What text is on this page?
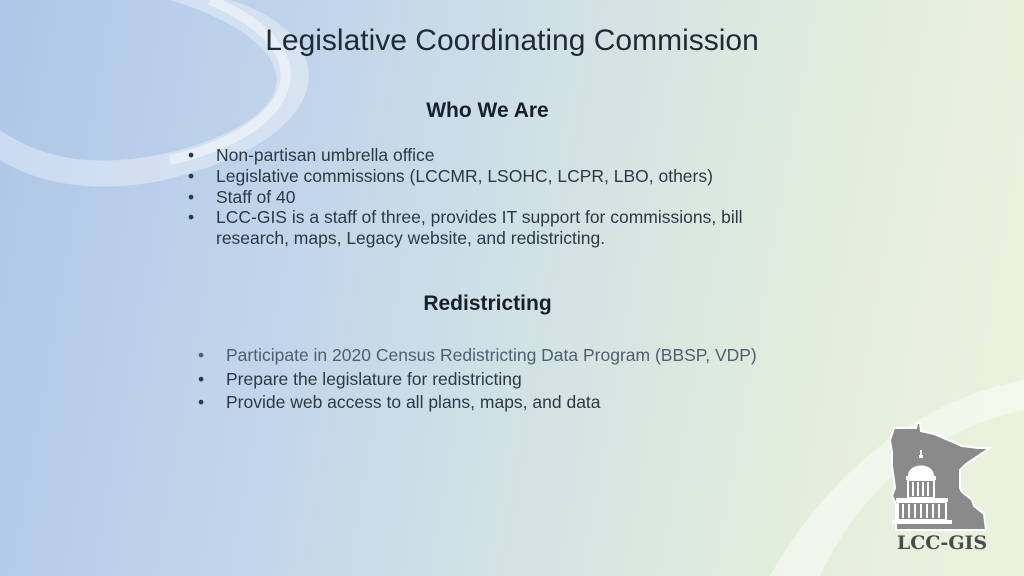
Legislative Coordinating Commission
Who We Are
• Non-partisan umbrella office
• Legislative commissions (LCCMR, LSOHC, LCPR, LBO, others)
• Staff of 40
• LCC-GIS is a staff of three, provides IT support for commissions, bill research, maps, Legacy website, and redistricting.
Redistricting
• Participate in 2020 Census Redistricting Data Program (BBSP, VDP)
• Prepare the legislature for redistricting
• Provide web access to all plans, maps, and data
LCC-GIS
